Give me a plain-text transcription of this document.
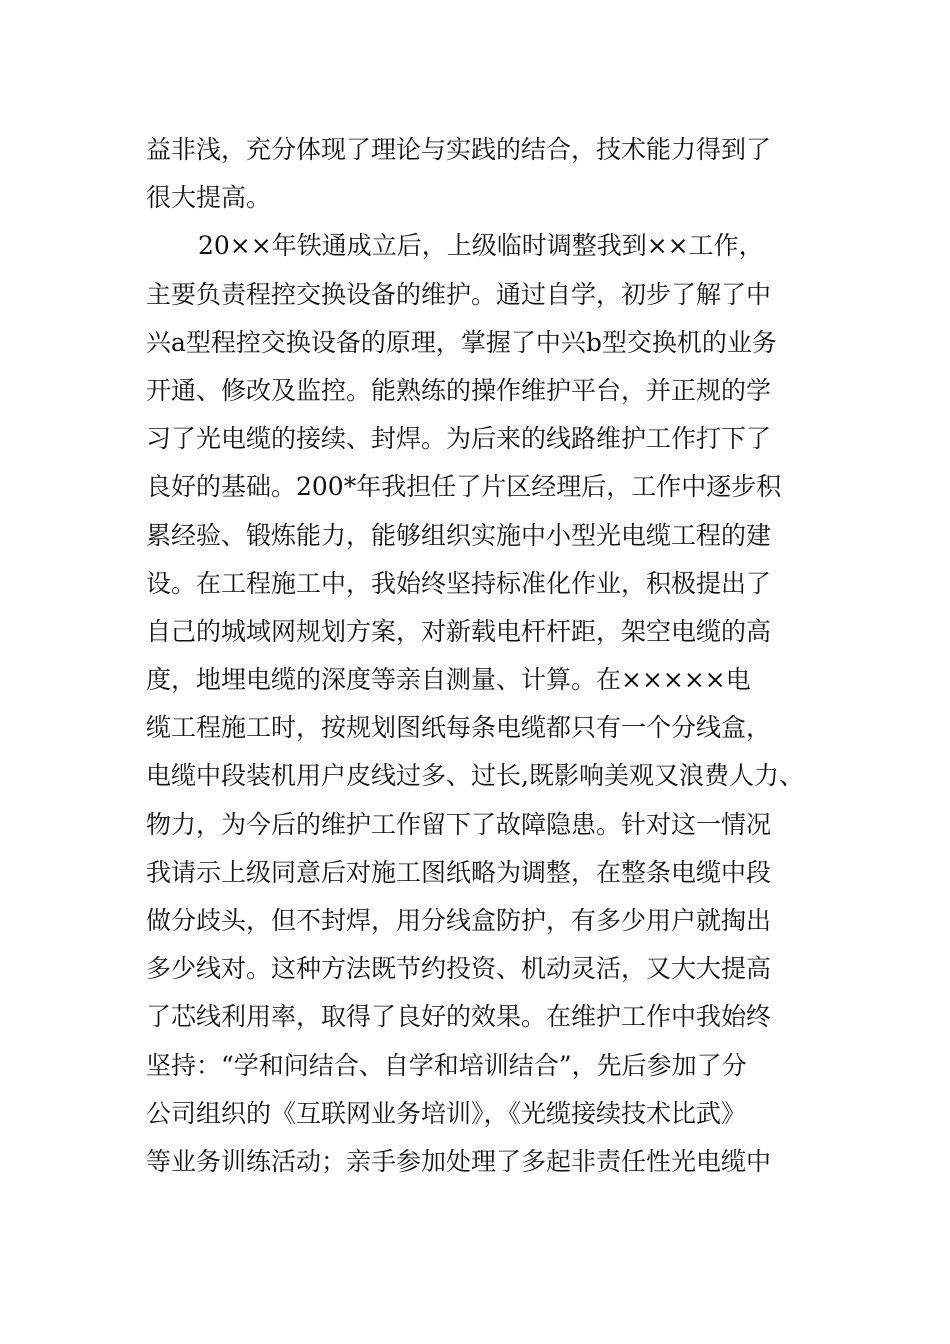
益非浅，充分体现了理论与实践的结合，技术能力得到了
很大提高。
20××年铁通成立后，上级临时调整我到××工作，
主要负责程控交换设备的维护。通过自学，初步了解了中
兴a型程控交换设备的原理，掌握了中兴b型交换机的业务
开通、修改及监控。能熟练的操作维护平台，并正规的学
习了光电缆的接续、封焊。为后来的线路维护工作打下了
良好的基础。200*年我担任了片区经理后，工作中逐步积
累经验、锻炼能力，能够组织实施中小型光电缆工程的建
设。在工程施工中，我始终坚持标准化作业，积极提出了
自己的城域网规划方案，对新载电杆杆距，架空电缆的高
度，地埋电缆的深度等亲自测量、计算。在×××××电
缆工程施工时，按规划图纸每条电缆都只有一个分线盒，
电缆中段装机用户皮线过多、过长,既影响美观又浪费人力、
物力，为今后的维护工作留下了故障隐患。针对这一情况
我请示上级同意后对施工图纸略为调整，在整条电缆中段
做分歧头，但不封焊，用分线盒防护，有多少用户就掏出
多少线对。这种方法既节约投资、机动灵活，又大大提高
了芯线利用率，取得了良好的效果。在维护工作中我始终
坚持：“学和问结合、自学和培训结合”，先后参加了分
公司组织的《互联网业务培训》，《光缆接续技术比武》
等业务训练活动；亲手参加处理了多起非责任性光电缆中
